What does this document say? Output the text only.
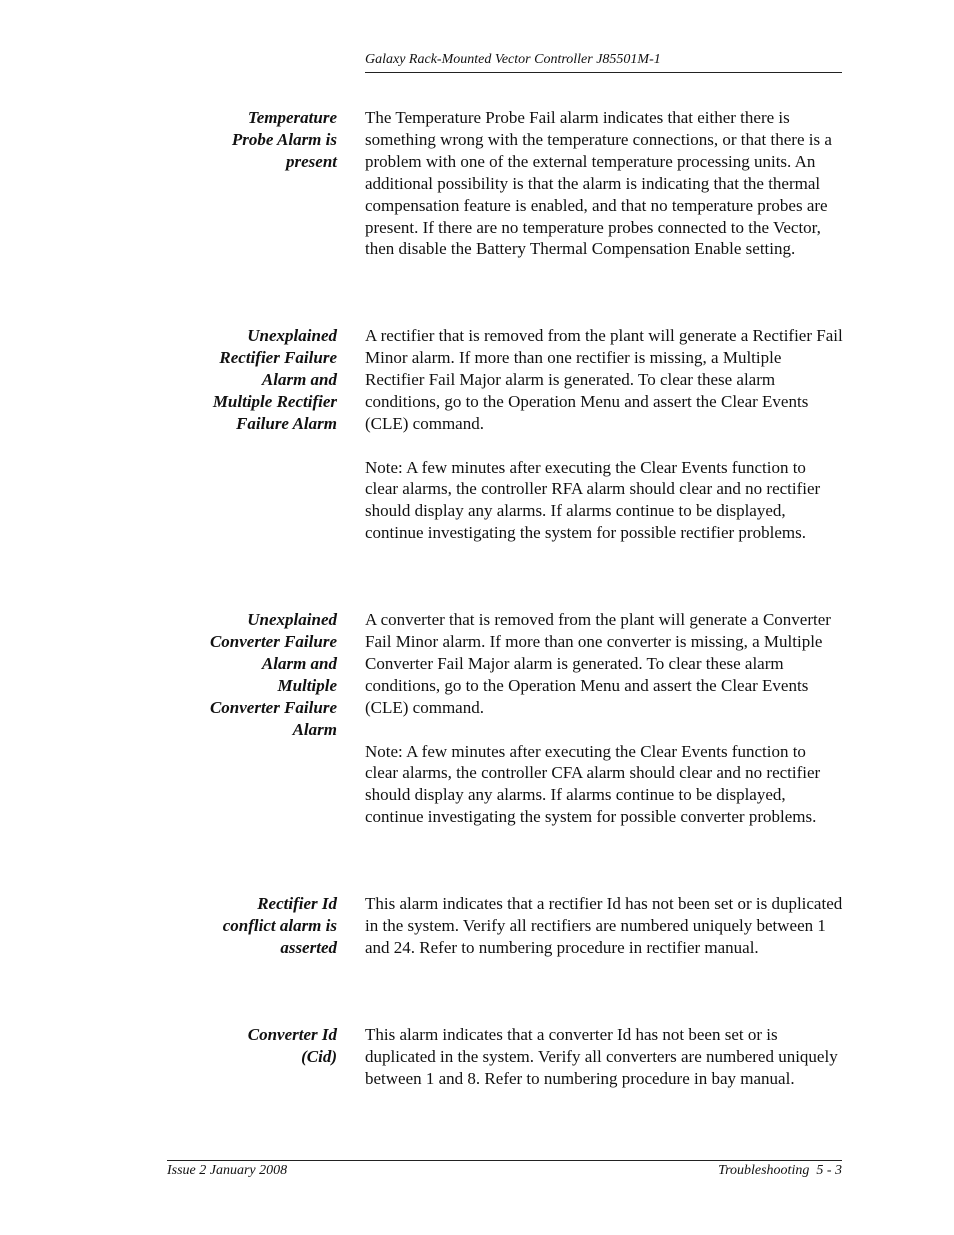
Galaxy Rack-Mounted Vector Controller J85501M-1
Temperature
Probe Alarm is
present

The Temperature Probe Fail alarm indicates that either there is something wrong with the temperature connections, or that there is a problem with one of the external temperature processing units. An additional possibility is that the alarm is indicating that the thermal compensation feature is enabled, and that no temperature probes are present. If there are no temperature probes connected to the Vector, then disable the Battery Thermal Compensation Enable setting.

Unexplained
Rectifier Failure
Alarm and
Multiple Rectifier
Failure Alarm

A rectifier that is removed from the plant will generate a Rectifier Fail Minor alarm. If more than one rectifier is missing, a Multiple Rectifier Fail Major alarm is generated. To clear these alarm conditions, go to the Operation Menu and assert the Clear Events (CLE) command.

Note: A few minutes after executing the Clear Events function to clear alarms, the controller RFA alarm should clear and no rectifier should display any alarms. If alarms continue to be displayed, continue investigating the system for possible rectifier problems.

Unexplained
Converter Failure
Alarm and
Multiple
Converter Failure
Alarm

A converter that is removed from the plant will generate a Converter Fail Minor alarm. If more than one converter is missing, a Multiple Converter Fail Major alarm is generated. To clear these alarm conditions, go to the Operation Menu and assert the Clear Events (CLE) command.

Note: A few minutes after executing the Clear Events function to clear alarms, the controller CFA alarm should clear and no rectifier should display any alarms. If alarms continue to be displayed, continue investigating the system for possible converter problems.

Rectifier Id
conflict alarm is
asserted

This alarm indicates that a rectifier Id has not been set or is duplicated in the system. Verify all rectifiers are numbered uniquely between 1 and 24. Refer to numbering procedure in rectifier manual.

Converter Id
(Cid)

This alarm indicates that a converter Id has not been set or is duplicated in the system. Verify all converters are numbered uniquely between 1 and 8. Refer to numbering procedure in bay manual.

Issue 2 January 2008	Troubleshooting  5 - 3
